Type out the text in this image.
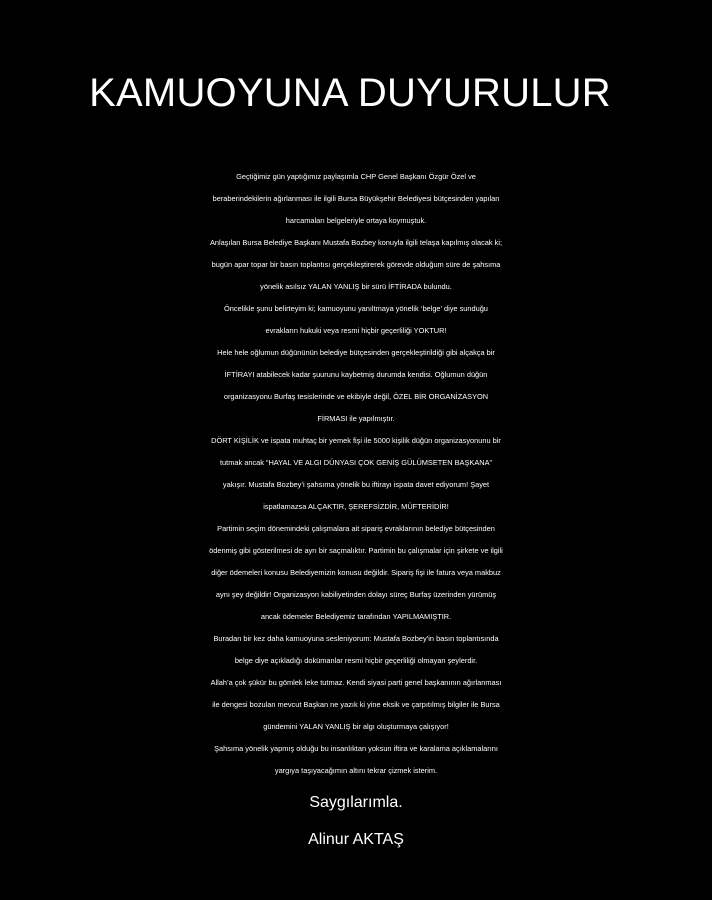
KAMUOYUNA DUYURULUR
Geçtiğimiz gün yaptığımız paylaşımla CHP Genel Başkanı Özgür Özel ve
beraberindekilerin ağırlanması ile ilgili Bursa Büyükşehir Belediyesi bütçesinden yapılan
harcamaları belgeleriyle ortaya koymuştuk.
Anlaşılan Bursa Belediye Başkanı Mustafa Bozbey konuyla ilgili telaşa kapılmış olacak ki;
bugün apar topar bir basın toplantısı gerçekleştirerek görevde olduğum süre de şahsıma
yönelik asılsız YALAN YANLIŞ bir sürü İFTİRADA bulundu.
Öncelikle şunu belirteyim ki; kamuoyunu yanıltmaya yönelik ‘belge’ diye sunduğu
evrakların hukuki veya resmi hiçbir geçerliliği YOKTUR!
Hele hele oğlumun düğününün belediye bütçesinden gerçekleştirildiği gibi alçakça bir
İFTİRAYI atabilecek kadar şuurunu kaybetmiş durumda kendisi. Oğlumun düğün
organizasyonu Burfaş tesislerinde ve ekibiyle değil, ÖZEL BİR ORGANİZASYON
FİRMASI ile yapılmıştır.
DÖRT KİŞİLİK ve ispata muhtaç bir yemek fişi ile 5000 kişilik düğün organizasyonunu bir
tutmak ancak “HAYAL VE ALGI DÜNYASI ÇOK GENİŞ GÜLÜMSETEN BAŞKANA”
yakışır. Mustafa Bozbey’i şahsıma yönelik bu iftirayı ispata davet ediyorum! Şayet
ispatlamazsa ALÇAKTIR, ŞEREFSİZDİR, MÜFTERİDİR!
Partimin seçim dönemindeki çalışmalara ait sipariş evraklarının belediye bütçesinden
ödenmiş gibi gösterilmesi de ayrı bir saçmalıktır. Partimin bu çalışmalar için şirkete ve ilgili
diğer ödemeleri konusu Belediyemizin konusu değildir. Sipariş fişi ile fatura veya makbuz
aynı şey değildir! Organizasyon kabiliyetinden dolayı süreç Burfaş üzerinden yürümüş
ancak ödemeler Belediyemiz tarafından YAPILMAMIŞTIR.
Buradan bir kez daha kamuoyuna sesleniyorum: Mustafa Bozbey’in basın toplantısında
belge diye açıkladığı dokümanlar resmi hiçbir geçerliliği olmayan şeylerdir.
Allah’a çok şükür bu gömlek leke tutmaz. Kendi siyasi parti genel başkanının ağırlanması
ile dengesi bozulan mevcut Başkan ne yazık ki yine eksik ve çarpıtılmış bilgiler ile Bursa
gündemini YALAN YANLIŞ bir algı oluşturmaya çalışıyor!
Şahsıma yönelik yapmış olduğu bu insanlıktan yoksun iftira ve karalama açıklamalarını
yargıya taşıyacağımın altını tekrar çizmek isterim.
Saygılarımla.
Alinur AKTAŞ
